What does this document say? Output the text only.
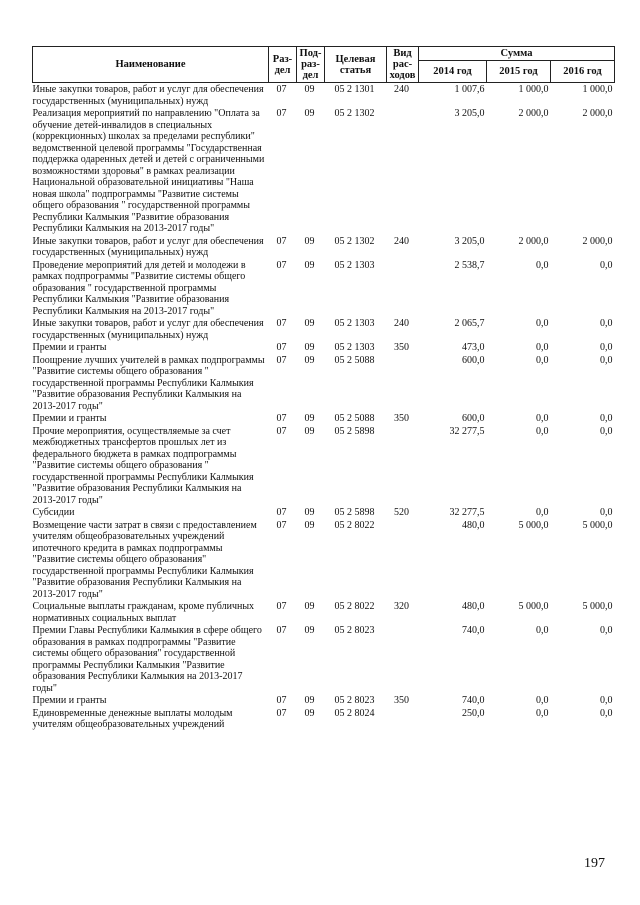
Наименование	Раз-дел	Под-раз-дел	Целевая статья	Вид рас-ходов	Сумма		
					2014 год	2015 год	2016 год
Иные закупки товаров, работ и услуг для обеспечения государственных (муниципальных) нужд	07	09	05 2 1301	240	1 007,6	1 000,0	1 000,0
Реализация мероприятий по направлению "Оплата за обучение детей-инвалидов в специальных (коррекционных) школах за пределами республики" ведомственной целевой программы "Государственная поддержка одаренных детей и детей с ограниченными возможностями здоровья" в рамках реализации Национальной образовательной инициативы "Наша новая школа" подпрограммы "Развитие системы общего образования " государственной программы Республики Калмыкия "Развитие образования Республики Калмыкия на 2013-2017 годы"	07	09	05 2 1302		3 205,0	2 000,0	2 000,0
Иные закупки товаров, работ и услуг для обеспечения государственных (муниципальных) нужд	07	09	05 2 1302	240	3 205,0	2 000,0	2 000,0
Проведение мероприятий для детей и молодежи в рамках подпрограммы "Развитие системы общего образования " государственной программы Республики Калмыкия "Развитие образования Республики Калмыкия на 2013-2017 годы"	07	09	05 2 1303		2 538,7	0,0	0,0
Иные закупки товаров, работ и услуг для обеспечения государственных (муниципальных) нужд	07	09	05 2 1303	240	2 065,7	0,0	0,0
Премии и гранты	07	09	05 2 1303	350	473,0	0,0	0,0
Поощрение лучших учителей в рамках подпрограммы "Развитие системы общего образования " государственной программы Республики Калмыкия "Развитие образования Республики Калмыкия на 2013-2017 годы"	07	09	05 2 5088		600,0	0,0	0,0
Премии и гранты	07	09	05 2 5088	350	600,0	0,0	0,0
Прочие мероприятия, осуществляемые за счет межбюджетных трансфертов прошлых лет из федерального бюджета в рамках подпрограммы "Развитие системы общего образования " государственной программы Республики Калмыкия "Развитие образования Республики Калмыкия на 2013-2017 годы"	07	09	05 2 5898		32 277,5	0,0	0,0
Субсидии	07	09	05 2 5898	520	32 277,5	0,0	0,0
Возмещение части затрат в связи с предоставлением учителям общеобразовательных учреждений ипотечного кредита в рамках подпрограммы "Развитие системы общего образования" государственной программы Республики Калмыкия "Развитие образования Республики Калмыкия на 2013-2017 годы"	07	09	05 2 8022		480,0	5 000,0	5 000,0
Социальные выплаты гражданам, кроме публичных нормативных социальных выплат	07	09	05 2 8022	320	480,0	5 000,0	5 000,0
Премии Главы Республики Калмыкия в сфере общего образования в рамках подпрограммы "Развитие системы общего образования" государственной программы Республики Калмыкия "Развитие образования Республики Калмыкия на 2013-2017 годы"	07	09	05 2 8023		740,0	0,0	0,0
Премии и гранты	07	09	05 2 8023	350	740,0	0,0	0,0
Единовременные денежные выплаты молодым учителям общеобразовательных учреждений	07	09	05 2 8024		250,0	0,0	0,0
197
